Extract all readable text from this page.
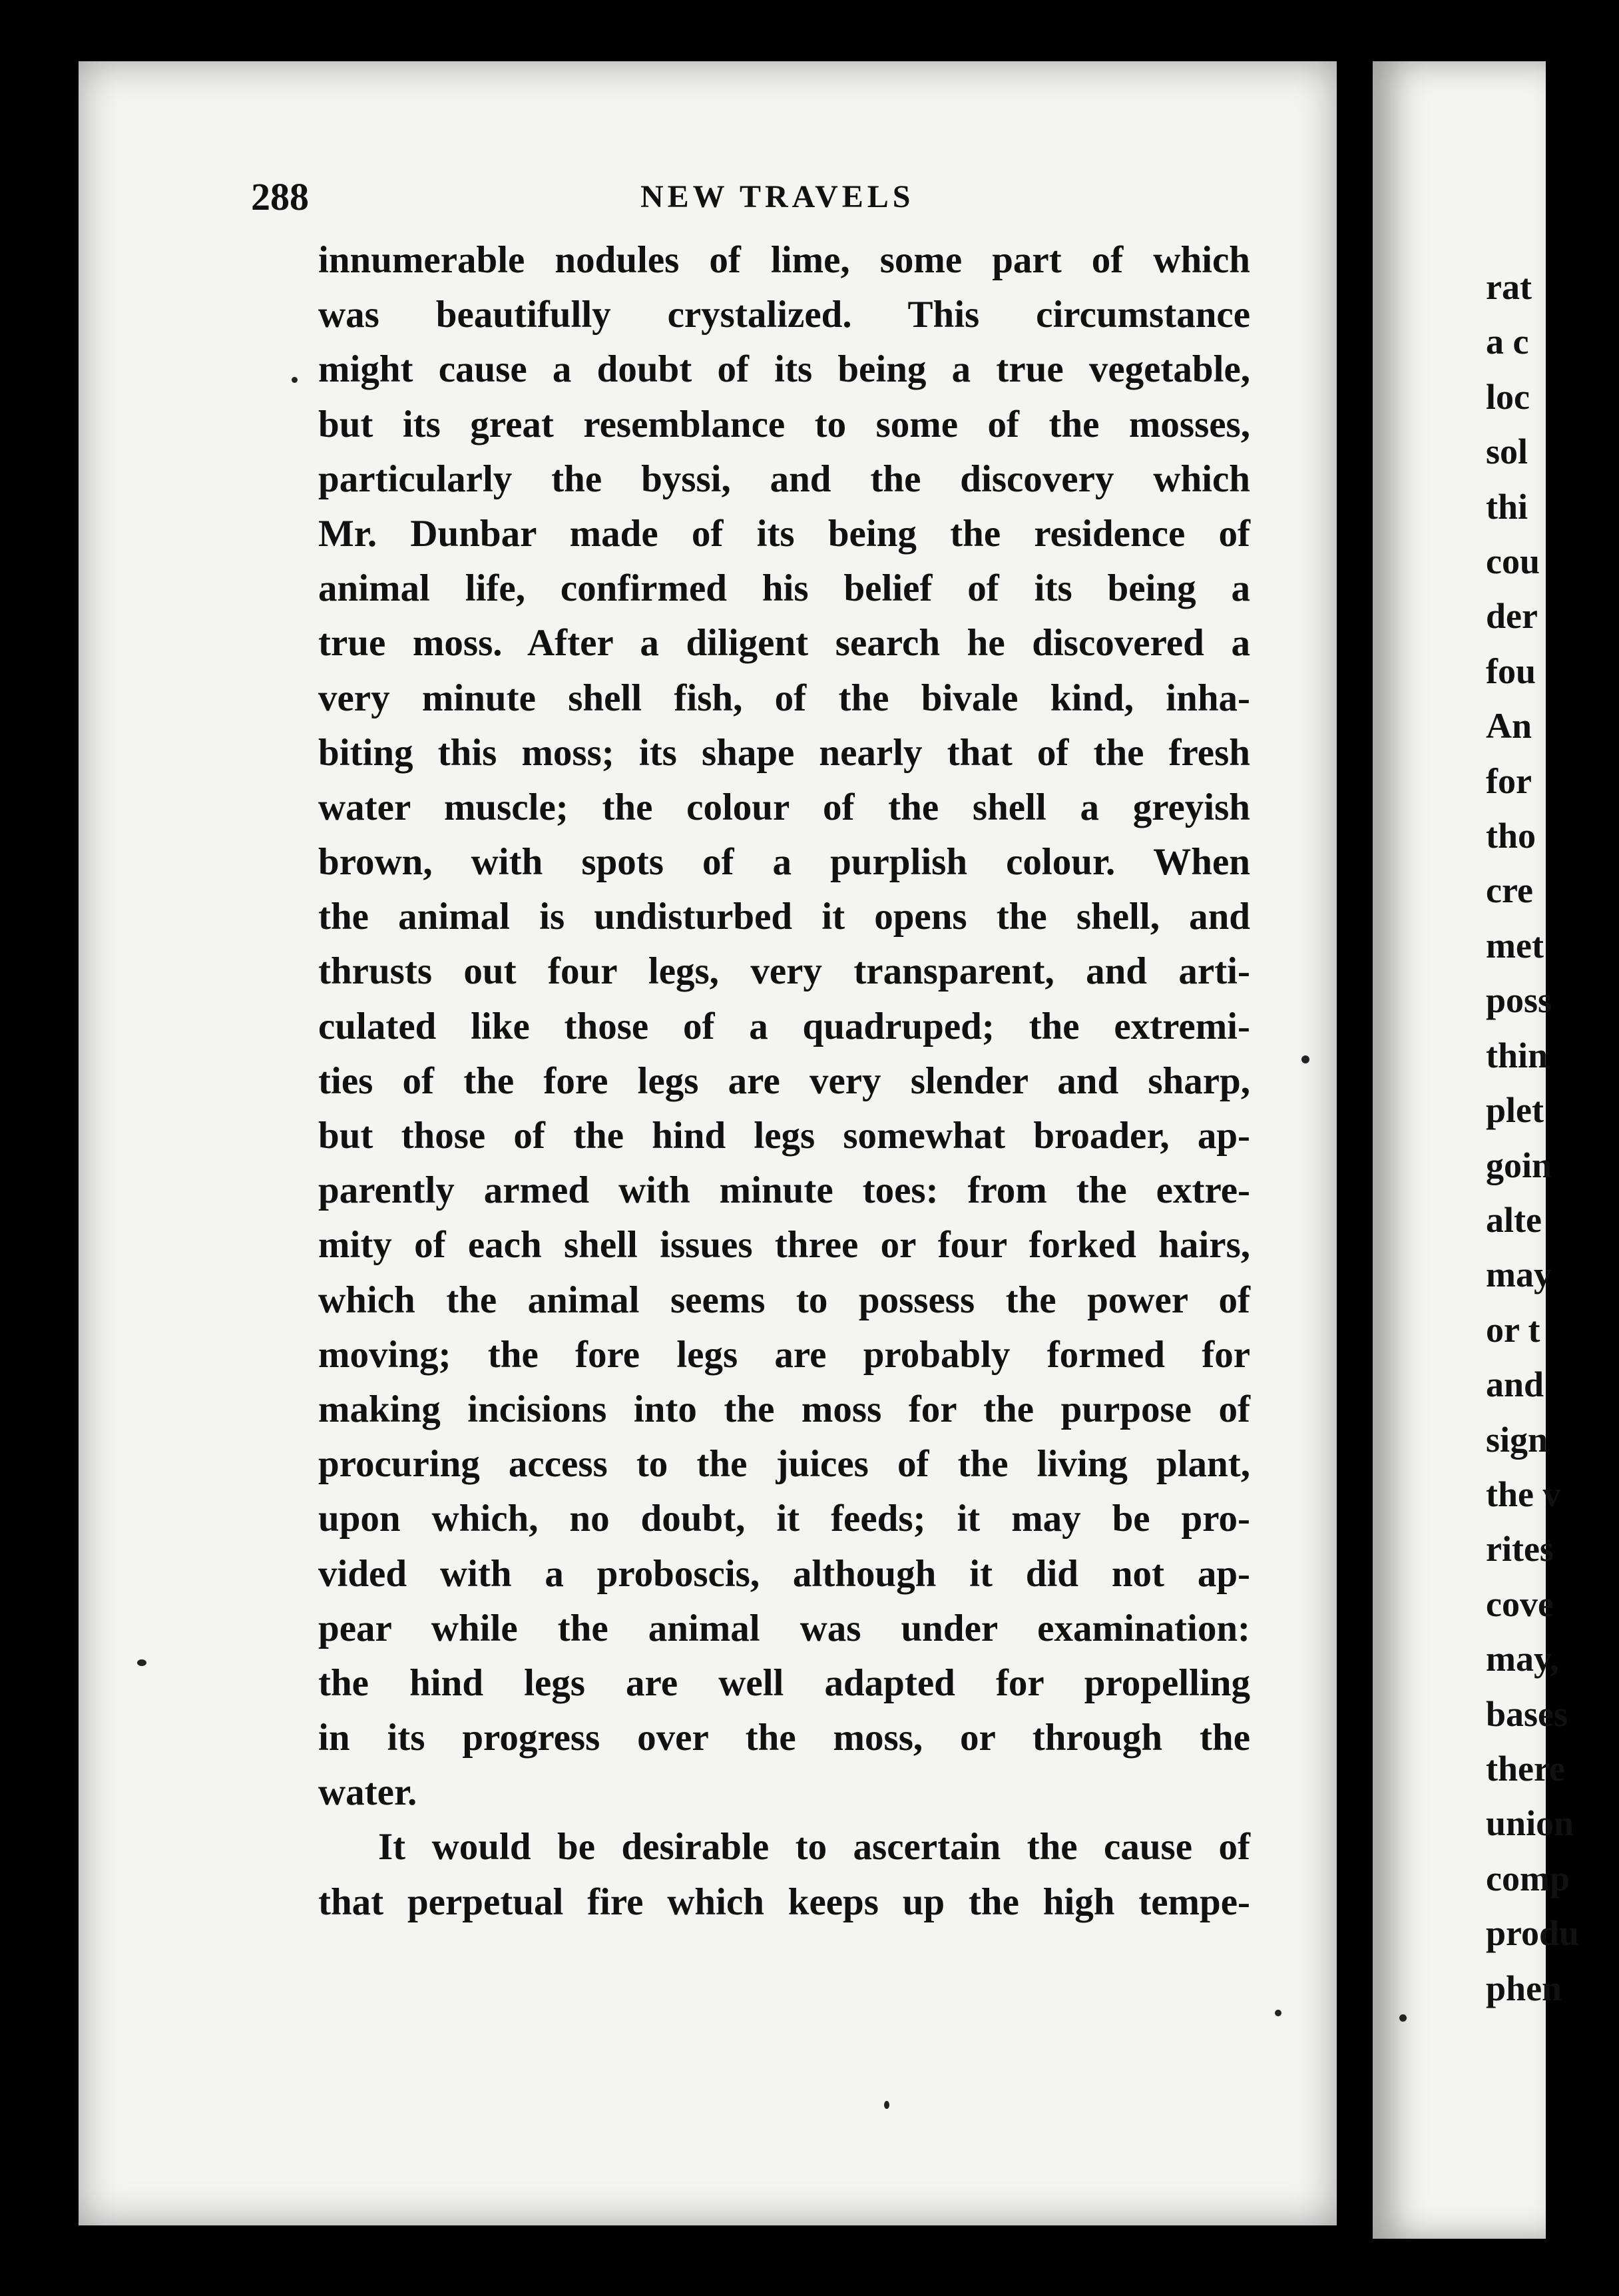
288	NEW TRAVELS
innumerable nodules of lime, some part of which
was beautifully crystalized. This circumstance
might cause a doubt of its being a true vegetable,
but its great resemblance to some of the mosses,
particularly the byssi, and the discovery which
Mr. Dunbar made of its being the residence of
animal life, confirmed his belief of its being a
true moss. After a diligent search he discovered a
very minute shell fish, of the bivale kind, inha-
biting this moss; its shape nearly that of the fresh
water muscle; the colour of the shell a greyish
brown, with spots of a purplish colour. When
the animal is undisturbed it opens the shell, and
thrusts out four legs, very transparent, and arti-
culated like those of a quadruped; the extremi-
ties of the fore legs are very slender and sharp,
but those of the hind legs somewhat broader, ap-
parently armed with minute toes: from the extre-
mity of each shell issues three or four forked hairs,
which the animal seems to possess the power of
moving; the fore legs are probably formed for
making incisions into the moss for the purpose of
procuring access to the juices of the living plant,
upon which, no doubt, it feeds; it may be pro-
vided with a proboscis, although it did not ap-
pear while the animal was under examination:
the hind legs are well adapted for propelling
in its progress over the moss, or through the
water.
It would be desirable to ascertain the cause of
that perpetual fire which keeps up the high tempe-
rat
a c
loc
sol
thi
cou
der
fou
An
for
tho
cre
met
poss
thin
plet
goin
alte
may
or t
and
sign
the v
rites
cove
may,
bases
there
union
comp
produ
phen
